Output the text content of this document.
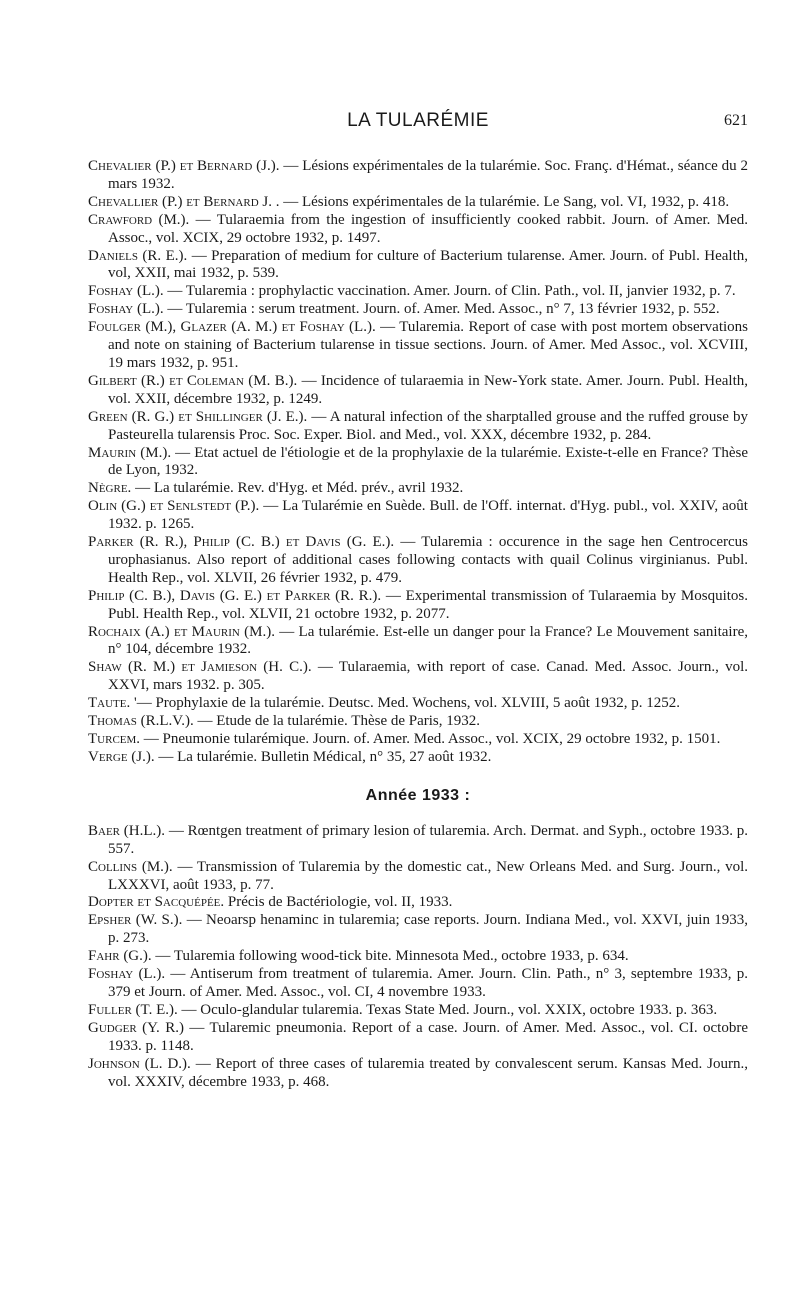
LA TULARÉMIE	621
Chevalier (P.) et Bernard (J.). — Lésions expérimentales de la tularémie. Soc. Franç. d'Hémat., séance du 2 mars 1932.
Chevallier (P.) et Bernard J. . — Lésions expérimentales de la tularémie. Le Sang, vol. VI, 1932, p. 418.
Crawford (M.). — Tularaemia from the ingestion of insufficiently cooked rabbit. Journ. of Amer. Med. Assoc., vol. XCIX, 29 octobre 1932, p. 1497.
Daniels (R. E.). — Preparation of medium for culture of Bacterium tularense. Amer. Journ. of Publ. Health, vol, XXII, mai 1932, p. 539.
Foshay (L.). — Tularemia : prophylactic vaccination. Amer. Journ. of Clin. Path., vol. II, janvier 1932, p. 7.
Foshay (L.). — Tularemia : serum treatment. Journ. of. Amer. Med. Assoc., n° 7, 13 février 1932, p. 552.
Foulger (M.), Glazer (A. M.) et Foshay (L.). — Tularemia. Report of case with post mortem observations and note on staining of Bacterium tularense in tissue sections. Journ. of Amer. Med Assoc., vol. XCVIII, 19 mars 1932, p. 951.
Gilbert (R.) et Coleman (M. B.). — Incidence of tularaemia in New-York state. Amer. Journ. Publ. Health, vol. XXII, décembre 1932, p. 1249.
Green (R. G.) et Shillinger (J. E.). — A natural infection of the sharptalled grouse and the ruffed grouse by Pasteurella tularensis Proc. Soc. Exper. Biol. and Med., vol. XXX, décembre 1932, p. 284.
Maurin (M.). — Etat actuel de l'étiologie et de la prophylaxie de la tularémie. Existe-t-elle en France? Thèse de Lyon, 1932.
Nègre. — La tularémie. Rev. d'Hyg. et Méd. prév., avril 1932.
Olin (G.) et Senlstedt (P.). — La Tularémie en Suède. Bull. de l'Off. internat. d'Hyg. publ., vol. XXIV, août 1932. p. 1265.
Parker (R. R.), Philip (C. B.) et Davis (G. E.). — Tularemia : occurence in the sage hen Centrocercus urophasianus. Also report of additional cases following contacts with quail Colinus virginianus. Publ. Health Rep., vol. XLVII, 26 février 1932, p. 479.
Philip (C. B.), Davis (G. E.) et Parker (R. R.). — Experimental transmission of Tularaemia by Mosquitos. Publ. Health Rep., vol. XLVII, 21 octobre 1932, p. 2077.
Rochaix (A.) et Maurin (M.). — La tularémie. Est-elle un danger pour la France? Le Mouvement sanitaire, n° 104, décembre 1932.
Shaw (R. M.) et Jamieson (H. C.). — Tularaemia, with report of case. Canad. Med. Assoc. Journ., vol. XXVI, mars 1932. p. 305.
Taute. '— Prophylaxie de la tularémie. Deutsc. Med. Wochens, vol. XLVIII, 5 août 1932, p. 1252.
Thomas (R.L.V.). — Etude de la tularémie. Thèse de Paris, 1932.
Turcem. — Pneumonie tularémique. Journ. of. Amer. Med. Assoc., vol. XCIX, 29 octobre 1932, p. 1501.
Verge (J.). — La tularémie. Bulletin Médical, n° 35, 27 août 1932.
Année 1933 :
Baer (H.L.). — Rœntgen treatment of primary lesion of tularemia. Arch. Dermat. and Syph., octobre 1933. p. 557.
Collins (M.). — Transmission of Tularemia by the domestic cat., New Orleans Med. and Surg. Journ., vol. LXXXVI, août 1933, p. 77.
Dopter et Sacquépée. Précis de Bactériologie, vol. II, 1933.
Epsher (W. S.). — Neoarsp henaminc in tularemia; case reports. Journ. Indiana Med., vol. XXVI, juin 1933, p. 273.
Fahr (G.). — Tularemia following wood-tick bite. Minnesota Med., octobre 1933, p. 634.
Foshay (L.). — Antiserum from treatment of tularemia. Amer. Journ. Clin. Path., n° 3, septembre 1933, p. 379 et Journ. of Amer. Med. Assoc., vol. CI, 4 novembre 1933.
Fuller (T. E.). — Oculo-glandular tularemia. Texas State Med. Journ., vol. XXIX, octobre 1933. p. 363.
Gudger (Y. R.) — Tularemic pneumonia. Report of a case. Journ. of Amer. Med. Assoc., vol. CI. octobre 1933. p. 1148.
Johnson (L. D.). — Report of three cases of tularemia treated by convalescent serum. Kansas Med. Journ., vol. XXXIV, décembre 1933, p. 468.
